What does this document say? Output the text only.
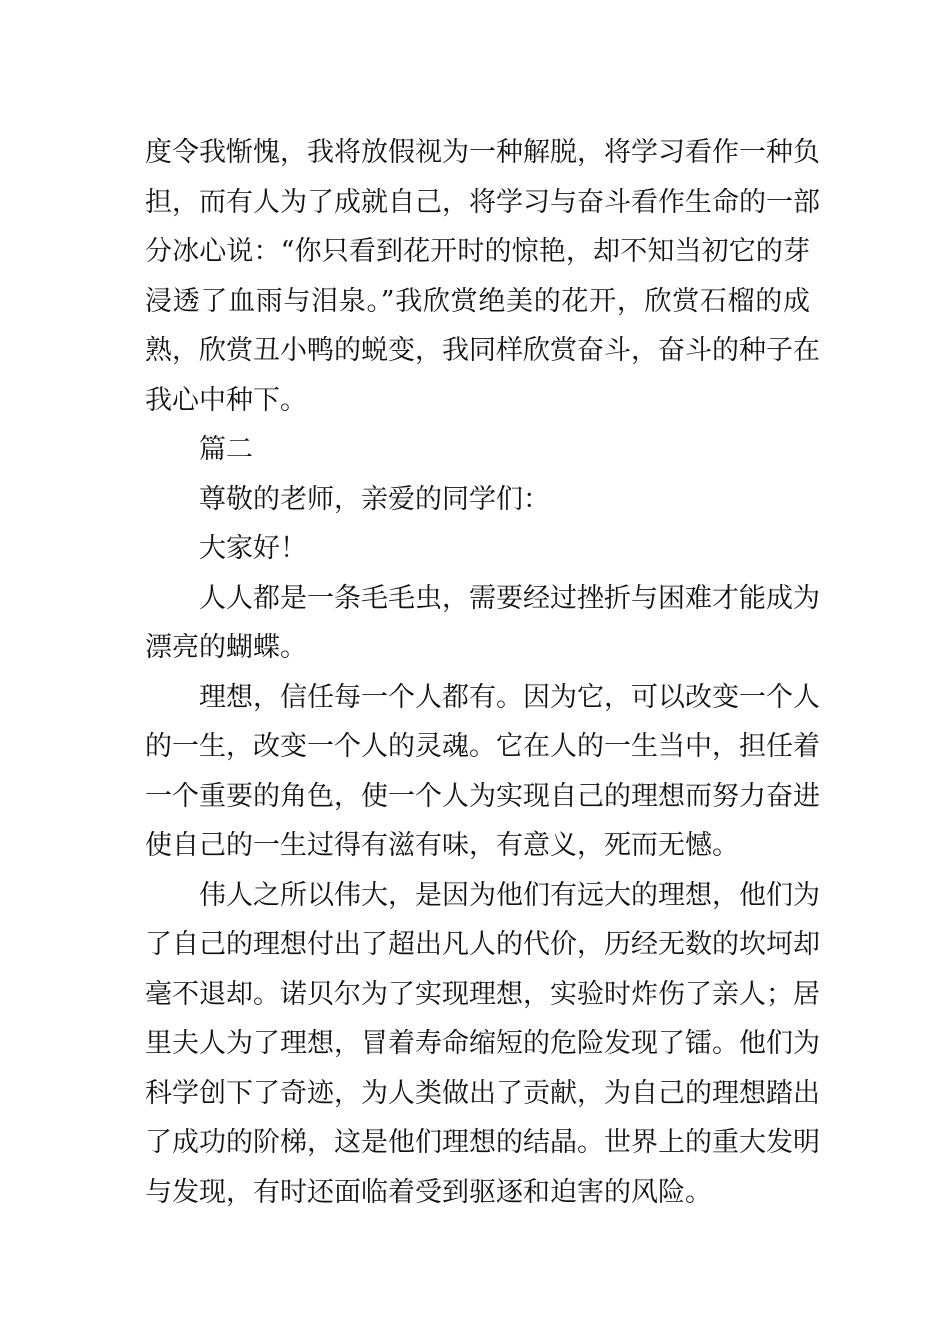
度令我惭愧，我将放假视为一种解脱，将学习看作一种负
担，而有人为了成就自己，将学习与奋斗看作生命的一部
分冰心说：“你只看到花开时的惊艳，却不知当初它的芽
浸透了血雨与泪泉。”我欣赏绝美的花开，欣赏石榴的成
熟，欣赏丑小鸭的蜕变，我同样欣赏奋斗，奋斗的种子在
我心中种下。
篇二
尊敬的老师，亲爱的同学们：
大家好！
人人都是一条毛毛虫，需要经过挫折与困难才能成为
漂亮的蝴蝶。
理想，信任每一个人都有。因为它，可以改变一个人
的一生，改变一个人的灵魂。它在人的一生当中，担任着
一个重要的角色，使一个人为实现自己的理想而努力奋进
使自己的一生过得有滋有味，有意义，死而无憾。
伟人之所以伟大，是因为他们有远大的理想，他们为
了自己的理想付出了超出凡人的代价，历经无数的坎坷却
毫不退却。诺贝尔为了实现理想，实验时炸伤了亲人；居
里夫人为了理想，冒着寿命缩短的危险发现了镭。他们为
科学创下了奇迹，为人类做出了贡献，为自己的理想踏出
了成功的阶梯，这是他们理想的结晶。世界上的重大发明
与发现，有时还面临着受到驱逐和迫害的风险。
